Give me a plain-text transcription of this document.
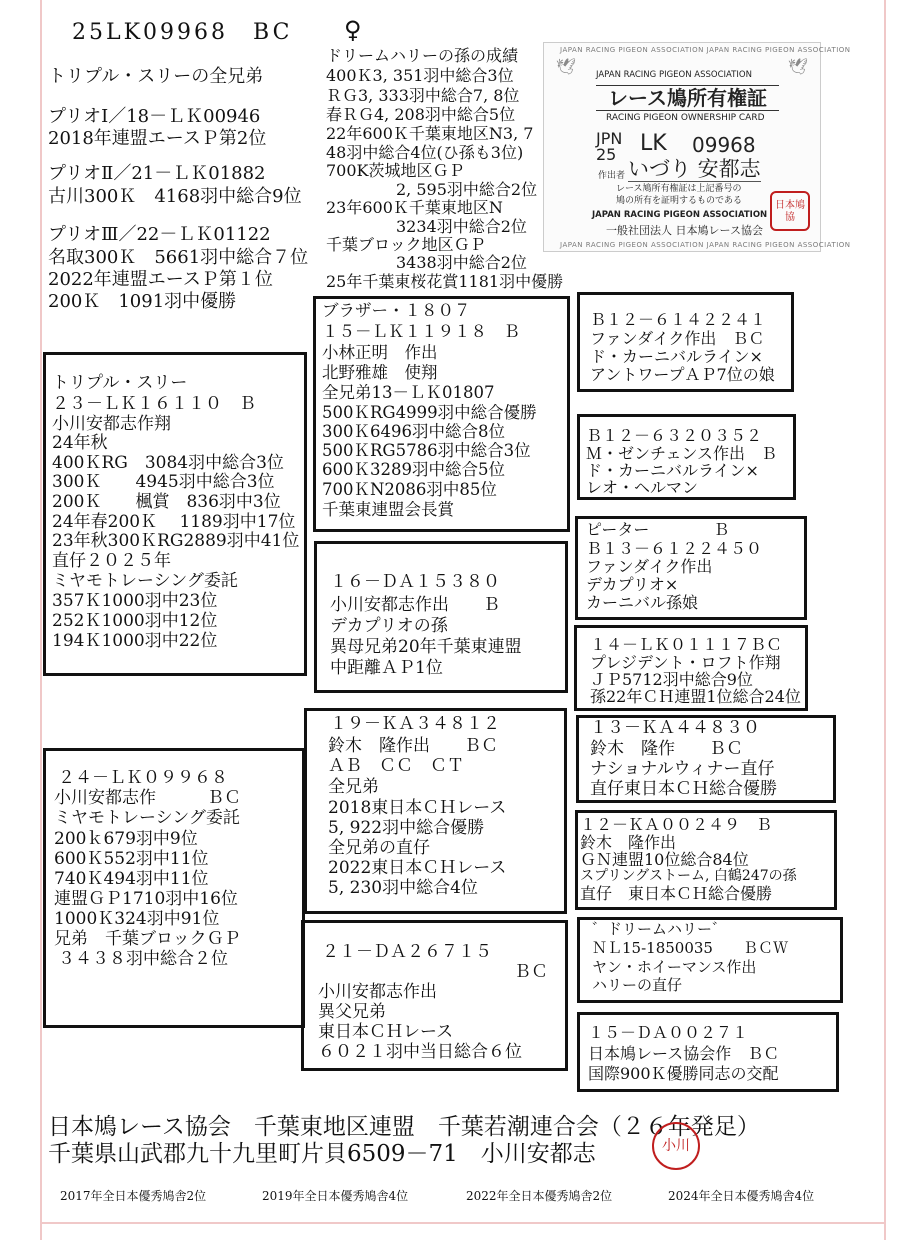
25LK09968　BC ♀
トリプル・スリーの全兄弟
プリオⅠ／18－ＬＫ00946
2018年連盟エースＰ第2位
プリオⅡ／21－ＬＫ01882
古川300Ｋ　4168羽中総合9位
プリオⅢ／22－ＬＫ01122
名取300Ｋ　5661羽中総合７位
2022年連盟エースＰ第１位
200Ｋ　1091羽中優勝
ドリームハリーの孫の成績
400Ｋ3, 351羽中総合3位
ＲＧ3, 333羽中総合7, 8位
春ＲＧ4, 208羽中総合5位
22年600Ｋ千葉東地区N3, 7
48羽中総合4位(ひ孫も3位)
700K茨城地区ＧＰ
2, 595羽中総合2位
23年600Ｋ千葉東地区N
3234羽中総合2位
千葉ブロック地区ＧＰ
3438羽中総合2位
25年千葉東桜花賞1181羽中優勝
JAPAN RACING PIGEON ASSOCIATION JAPAN RACING PIGEON ASSOCIATION
JAPAN RACING PIGEON ASSOCIATION JAPAN RACING PIGEON ASSOCIATION
JAPAN RACING PIGEON ASSOCIATION
レース鳩所有権証
RACING PIGEON OWNERSHIP CARD
JPN
25 LK 09968
作出者 いづり 安都志
レース鳩所有権証は上記番号の
鳩の所有を証明するものである
JAPAN RACING PIGEON ASSOCIATION
一般社団法人 日本鳩レース協会
日本鳩協
🕊	🕊
ブラザー・１８０７
１５－ＬＫ１１９１８　Ｂ
小林正明　作出
北野雅雄　使翔
全兄弟13－ＬＫ01807
500ＫRG4999羽中総合優勝
300Ｋ6496羽中総合8位
500ＫRG5786羽中総合3位
600Ｋ3289羽中総合5位
700ＫN2086羽中85位
千葉東連盟会長賞
Ｂ１２－６１４２２４１
ファンダイク作出　ＢＣ
ド・カーニバルライン×
アントワープＡＰ7位の娘
Ｂ１２－６３２０３５２
Ｍ・ゼンチェンス作出　Ｂ
ド・カーニバルライン×
レオ・ヘルマン
トリプル・スリー
２３－ＬＫ１６１１０　Ｂ
小川安都志作翔
24年秋
400ＫRG　3084羽中総合3位
300Ｋ　　4945羽中総合3位
200Ｋ　　楓賞　836羽中3位
24年春200Ｋ　 1189羽中17位
23年秋300ＫRG2889羽中41位
直仔２０２５年
ミヤモトレーシング委託
357Ｋ1000羽中23位
252Ｋ1000羽中12位
194Ｋ1000羽中22位
ピーター　　　　Ｂ
Ｂ１３－６１２２４５０
ファンダイク作出
デカプリオ×
カーニバル孫娘
１６－ＤＡ１５３８０
小川安都志作出　　Ｂ
デカプリオの孫
異母兄弟20年千葉東連盟
中距離ＡＰ1位
１４－ＬＫ０１１１７ＢＣ
プレジデント・ロフト作翔
ＪＰ5712羽中総合9位
孫22年ＣＨ連盟1位総合24位
１９－ＫＡ３４８１２
鈴木　隆作出　　ＢＣ
ＡＢ　ＣＣ　ＣＴ
全兄弟
2018東日本ＣＨレース
5, 922羽中総合優勝
全兄弟の直仔
2022東日本ＣＨレース
5, 230羽中総合4位
１３－ＫＡ４４８３０
鈴木　隆作　　ＢＣ
ナショナルウィナー直仔
直仔東日本ＣＨ総合優勝
２４－ＬＫ０９９６８
小川安都志作　　　ＢＣ
ミヤモトレーシング委託
200ｋ679羽中9位
600Ｋ552羽中11位
740Ｋ494羽中11位
連盟ＧＰ1710羽中16位
1000Ｋ324羽中91位
兄弟　千葉ブロックＧＰ
３４３８羽中総合２位
１２－ＫＡ００２４９　Ｂ
鈴木　隆作出
ＧＮ連盟10位総合84位
スプリングストーム, 白鶴247の孫
直仔　東日本ＣＨ総合優勝
２１－ＤＡ２６７１５
ＢＣ
小川安都志作出
異父兄弟
東日本ＣＨレース
６０２１羽中当日総合６位
゛ドリームハリー゛
ＮＬ15-1850035　　ＢＣＷ
ヤン・ホイーマンス作出
ハリーの直仔
１５－ＤＡ００２７１
日本鳩レース協会作　ＢＣ
国際900Ｋ優勝同志の交配
日本鳩レース協会　千葉東地区連盟　千葉若潮連合会（２６年発足）
千葉県山武郡九十九里町片貝6509－71　小川安都志	小川
2017年全日本優秀鳩舎2位	2019年全日本優秀鳩舎4位	2022年全日本優秀鳩舎2位	2024年全日本優秀鳩舎4位
